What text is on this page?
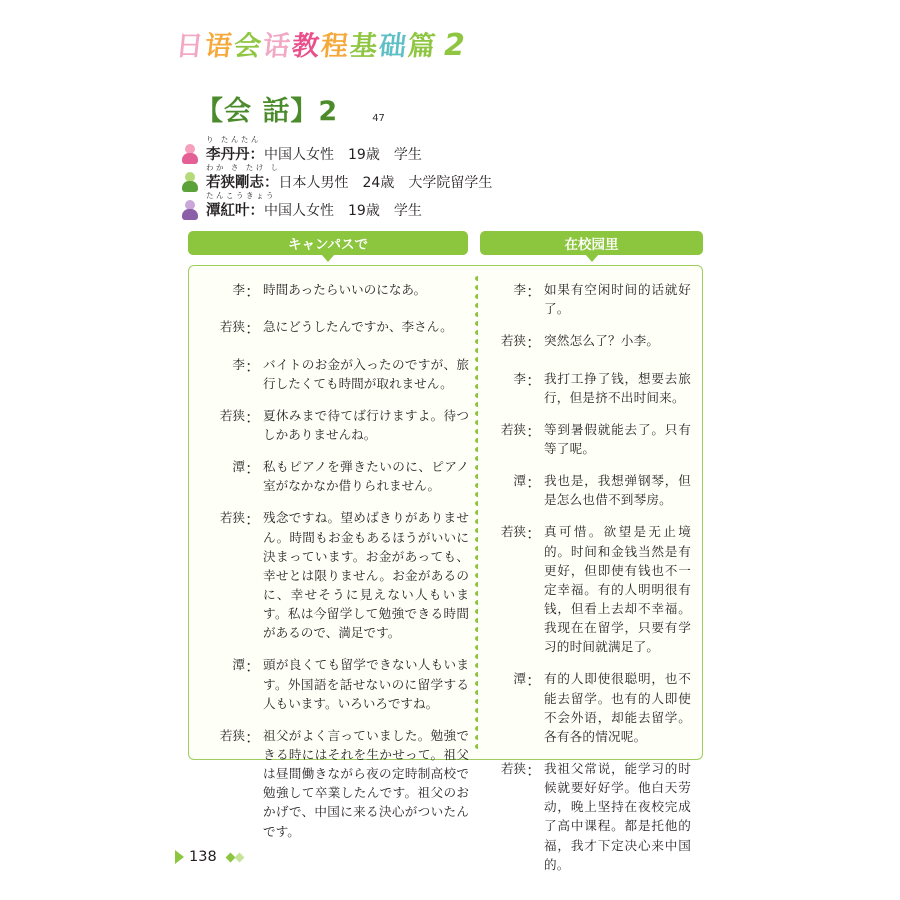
日
语
会
话
教
程
基
础
篇 2
【会 話】2	47
り たんたん
李丹丹： 中国人女性　19歳　学生
わか さ たけ し
若狭剛志： 日本人男性　24歳　大学院留学生
たんこうきょう
潭紅叶： 中国人女性　19歳　学生
キャンパスで	在校园里
李 ： 時間あったらいいのになあ。
若狭 ： 急にどうしたんですか、李さん。
李 ： バイトのお金が入ったのですが、旅行したくても時間が取れません。
若狭 ： 夏休みまで待てば行けますよ。待つしかありませんね。
潭 ： 私もピアノを弾きたいのに、ピアノ室がなかなか借りられません。
若狭 ： 残念ですね。望めばきりがありません。時間もお金もあるほうがいいに決まっています。お金があっても、幸せとは限りません。お金があるのに、幸せそうに見えない人もいます。私は今留学して勉強できる時間があるので、満足です。
潭 ： 頭が良くても留学できない人もいます。外国語を話せないのに留学する人もいます。いろいろですね。
若狭 ： 祖父がよく言っていました。勉強できる時にはそれを生かせって。祖父は昼間働きながら夜の定時制高校で勉強して卒業したんです。祖父のおかげで、中国に来る決心がついたんです。
李 ： 如果有空闲时间的话就好了。
若狭 ： 突然怎么了？小李。
李 ： 我打工挣了钱，想要去旅行，但是挤不出时间来。
若狭 ： 等到暑假就能去了。只有等了呢。
潭 ： 我也是，我想弹钢琴，但是怎么也借不到琴房。
若狭 ： 真可惜。欲望是无止境的。时间和金钱当然是有更好，但即使有钱也不一定幸福。有的人明明很有钱，但看上去却不幸福。我现在在留学，只要有学习的时间就满足了。
潭 ： 有的人即使很聪明，也不能去留学。也有的人即使不会外语，却能去留学。各有各的情况呢。
若狭 ： 我祖父常说，能学习的时候就要好好学。他白天劳动，晚上坚持在夜校完成了高中课程。都是托他的福，我才下定决心来中国的。
138
